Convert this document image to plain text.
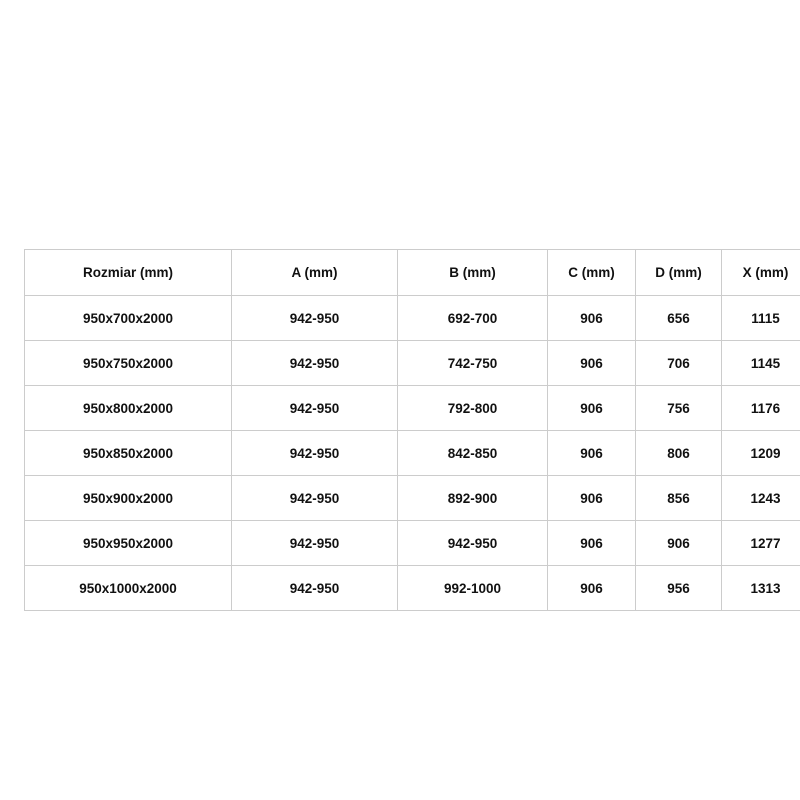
Rozmiar (mm)	A (mm)	B (mm)	C (mm)	D (mm)	X (mm)
950x700x2000	942-950	692-700	906	656	1115
950x750x2000	942-950	742-750	906	706	1145
950x800x2000	942-950	792-800	906	756	1176
950x850x2000	942-950	842-850	906	806	1209
950x900x2000	942-950	892-900	906	856	1243
950x950x2000	942-950	942-950	906	906	1277
950x1000x2000	942-950	992-1000	906	956	1313
